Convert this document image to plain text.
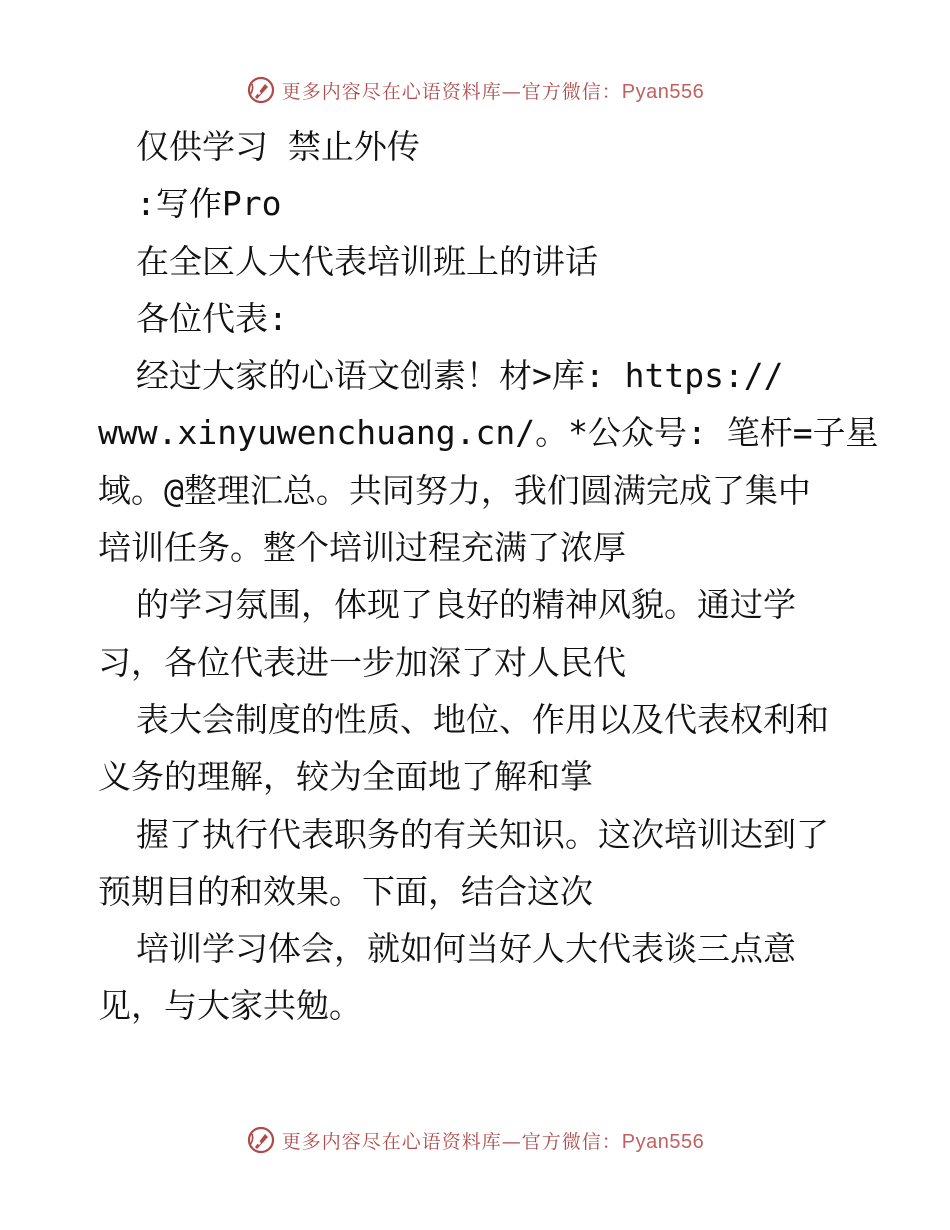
更多内容尽在心语资料库—官方微信：Pyan556
仅供学习 禁止外传
:写作Pro
在全区人大代表培训班上的讲话
各位代表:
经过大家的心语文创素！材>库: https://
www.xinyuwenchuang.cn/。*公众号: 笔杆=子星
域。@整理汇总。共同努力，我们圆满完成了集中
培训任务。整个培训过程充满了浓厚
的学习氛围，体现了良好的精神风貌。通过学
习，各位代表进一步加深了对人民代
表大会制度的性质、地位、作用以及代表权利和
义务的理解，较为全面地了解和掌
握了执行代表职务的有关知识。这次培训达到了
预期目的和效果。下面，结合这次
培训学习体会，就如何当好人大代表谈三点意
见，与大家共勉。
更多内容尽在心语资料库—官方微信：Pyan556
